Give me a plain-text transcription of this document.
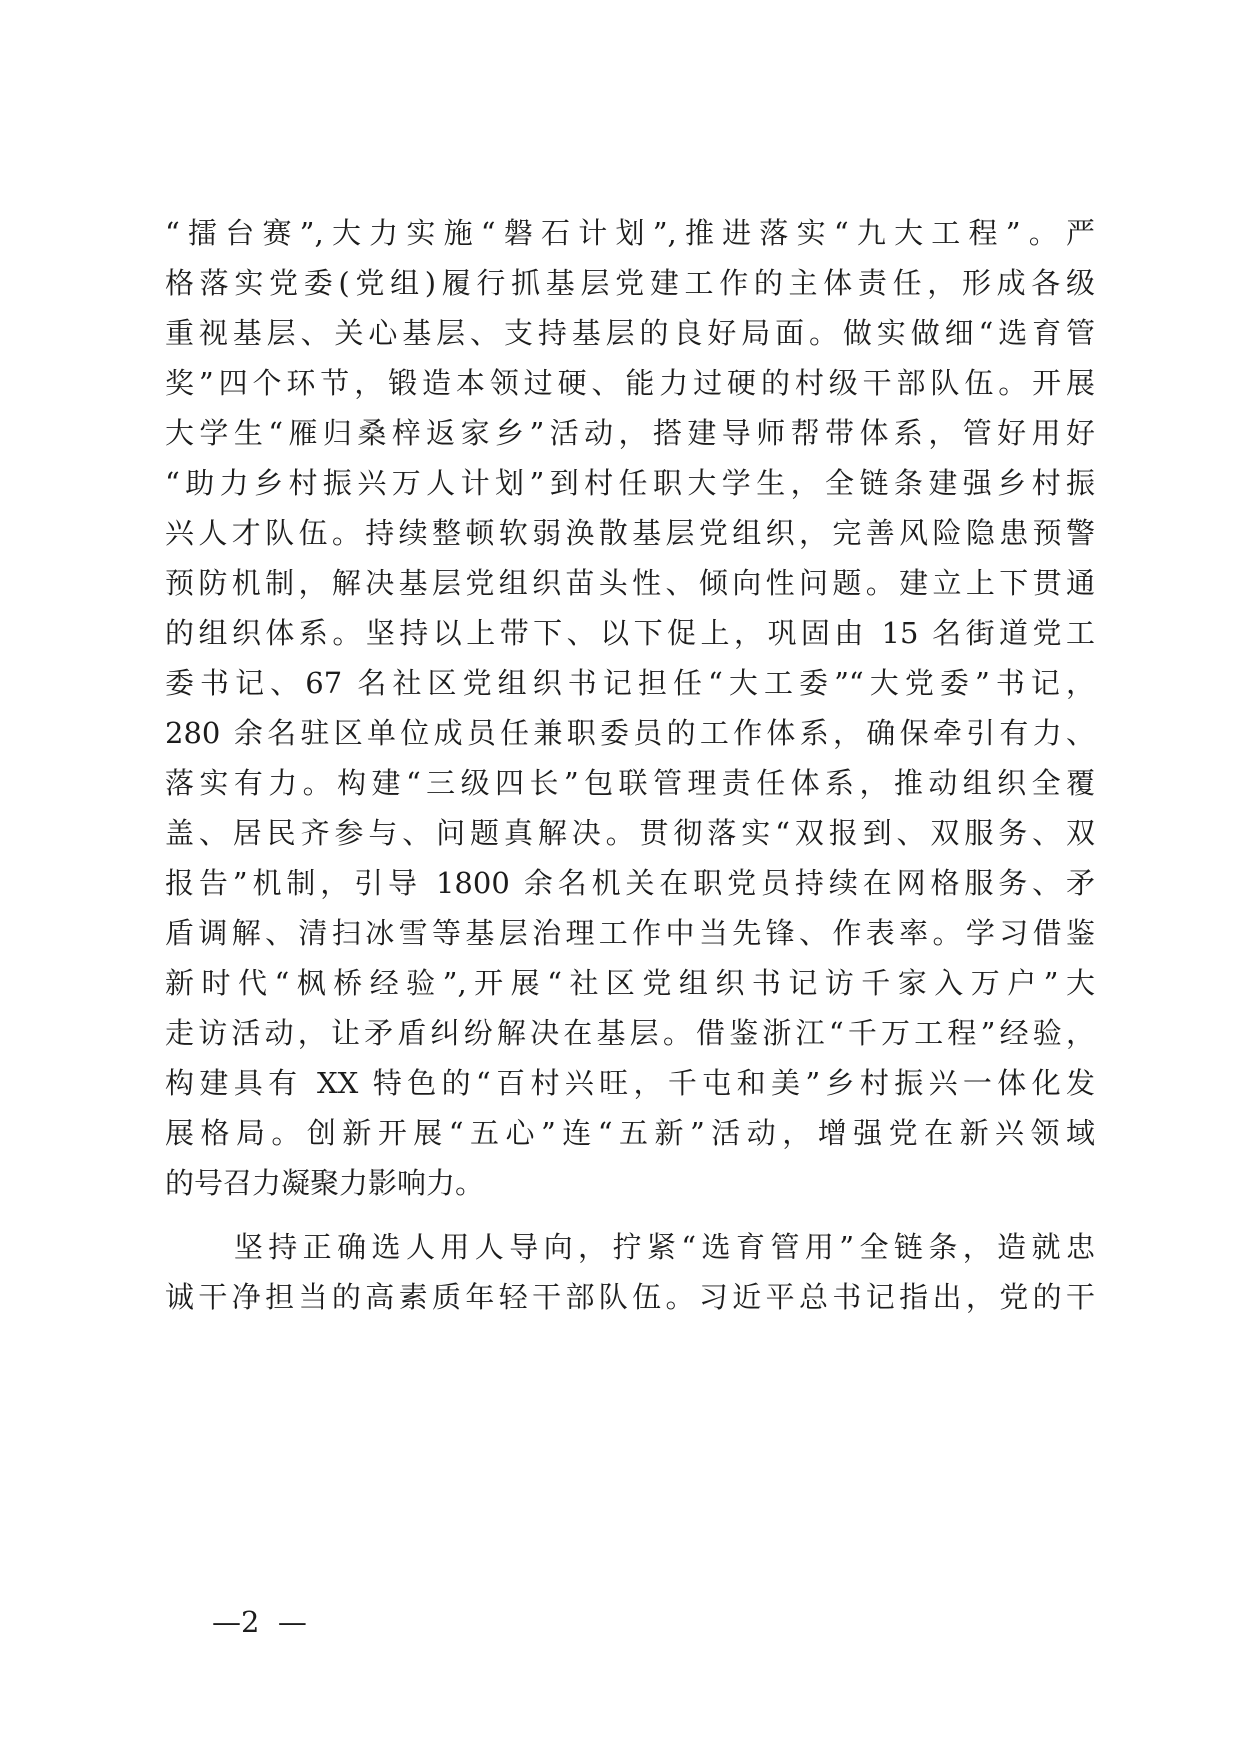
“擂台赛”,大力实施“磐石计划”,推进落实“九大工程”。严
格落实党委(党组)履行抓基层党建工作的主体责任，形成各级
重视基层、关心基层、支持基层的良好局面。做实做细“选育管
奖”四个环节，锻造本领过硬、能力过硬的村级干部队伍。开展
大学生“雁归桑梓返家乡”活动，搭建导师帮带体系，管好用好
“助力乡村振兴万人计划”到村任职大学生，全链条建强乡村振
兴人才队伍。持续整顿软弱涣散基层党组织，完善风险隐患预警
预防机制，解决基层党组织苗头性、倾向性问题。建立上下贯通
的组织体系。坚持以上带下、以下促上，巩固由 15 名街道党工
委书记、67 名社区党组织书记担任“大工委”“大党委”书记，
280 余名驻区单位成员任兼职委员的工作体系，确保牵引有力、
落实有力。构建“三级四长”包联管理责任体系，推动组织全覆
盖、居民齐参与、问题真解决。贯彻落实“双报到、双服务、双
报告”机制，引导 1800 余名机关在职党员持续在网格服务、矛
盾调解、清扫冰雪等基层治理工作中当先锋、作表率。学习借鉴
新时代“枫桥经验”,开展“社区党组织书记访千家入万户”大
走访活动，让矛盾纠纷解决在基层。借鉴浙江“千万工程”经验，
构建具有 XX 特色的“百村兴旺，千屯和美”乡村振兴一体化发
展格局。创新开展“五心”连“五新”活动，增强党在新兴领域
的号召力凝聚力影响力。
　　坚持正确选人用人导向，拧紧“选育管用”全链条，造就忠
诚干净担当的高素质年轻干部队伍。习近平总书记指出，党的干
—2  —
